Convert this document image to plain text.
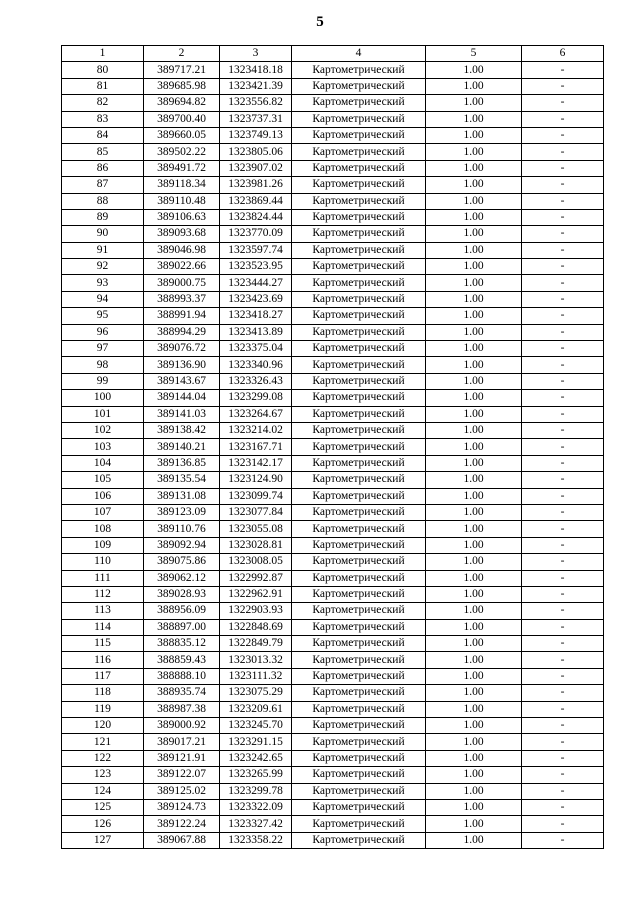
5
1	2	3	4	5	6
80	389717.21	1323418.18	Картометрический	1.00	-
81	389685.98	1323421.39	Картометрический	1.00	-
82	389694.82	1323556.82	Картометрический	1.00	-
83	389700.40	1323737.31	Картометрический	1.00	-
84	389660.05	1323749.13	Картометрический	1.00	-
85	389502.22	1323805.06	Картометрический	1.00	-
86	389491.72	1323907.02	Картометрический	1.00	-
87	389118.34	1323981.26	Картометрический	1.00	-
88	389110.48	1323869.44	Картометрический	1.00	-
89	389106.63	1323824.44	Картометрический	1.00	-
90	389093.68	1323770.09	Картометрический	1.00	-
91	389046.98	1323597.74	Картометрический	1.00	-
92	389022.66	1323523.95	Картометрический	1.00	-
93	389000.75	1323444.27	Картометрический	1.00	-
94	388993.37	1323423.69	Картометрический	1.00	-
95	388991.94	1323418.27	Картометрический	1.00	-
96	388994.29	1323413.89	Картометрический	1.00	-
97	389076.72	1323375.04	Картометрический	1.00	-
98	389136.90	1323340.96	Картометрический	1.00	-
99	389143.67	1323326.43	Картометрический	1.00	-
100	389144.04	1323299.08	Картометрический	1.00	-
101	389141.03	1323264.67	Картометрический	1.00	-
102	389138.42	1323214.02	Картометрический	1.00	-
103	389140.21	1323167.71	Картометрический	1.00	-
104	389136.85	1323142.17	Картометрический	1.00	-
105	389135.54	1323124.90	Картометрический	1.00	-
106	389131.08	1323099.74	Картометрический	1.00	-
107	389123.09	1323077.84	Картометрический	1.00	-
108	389110.76	1323055.08	Картометрический	1.00	-
109	389092.94	1323028.81	Картометрический	1.00	-
110	389075.86	1323008.05	Картометрический	1.00	-
111	389062.12	1322992.87	Картометрический	1.00	-
112	389028.93	1322962.91	Картометрический	1.00	-
113	388956.09	1322903.93	Картометрический	1.00	-
114	388897.00	1322848.69	Картометрический	1.00	-
115	388835.12	1322849.79	Картометрический	1.00	-
116	388859.43	1323013.32	Картометрический	1.00	-
117	388888.10	1323111.32	Картометрический	1.00	-
118	388935.74	1323075.29	Картометрический	1.00	-
119	388987.38	1323209.61	Картометрический	1.00	-
120	389000.92	1323245.70	Картометрический	1.00	-
121	389017.21	1323291.15	Картометрический	1.00	-
122	389121.91	1323242.65	Картометрический	1.00	-
123	389122.07	1323265.99	Картометрический	1.00	-
124	389125.02	1323299.78	Картометрический	1.00	-
125	389124.73	1323322.09	Картометрический	1.00	-
126	389122.24	1323327.42	Картометрический	1.00	-
127	389067.88	1323358.22	Картометрический	1.00	-
